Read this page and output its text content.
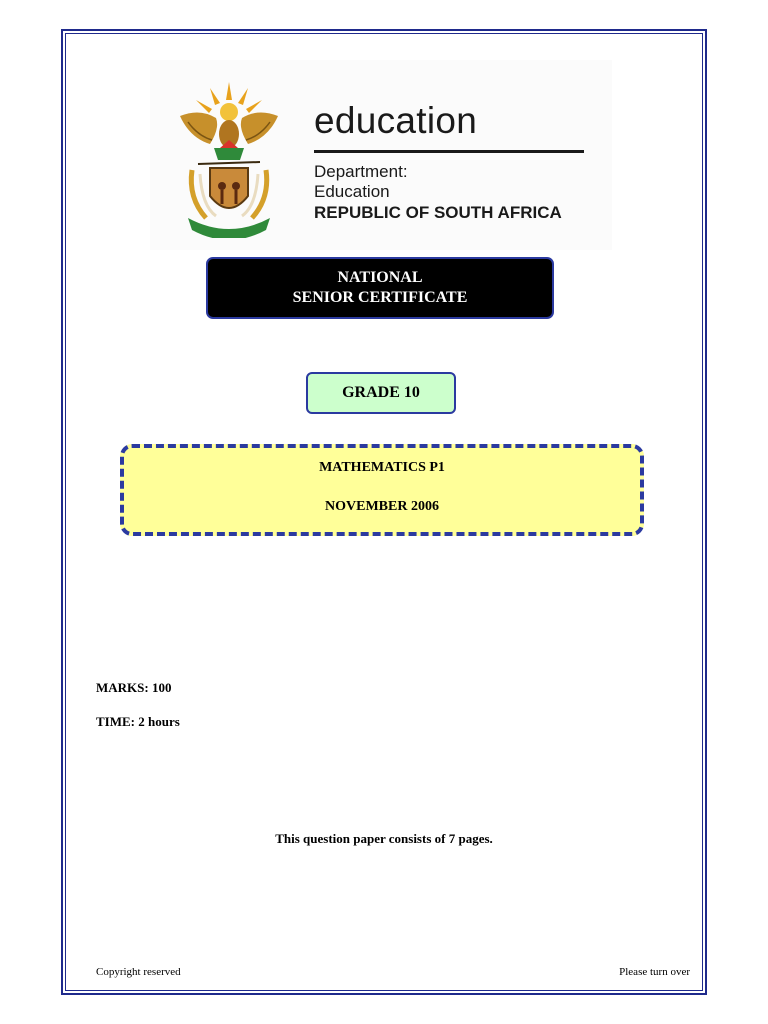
education
Department:
Education
REPUBLIC OF SOUTH AFRICA
NATIONAL
SENIOR CERTIFICATE
GRADE 10
MATHEMATICS P1
NOVEMBER 2006
MARKS: 100
TIME: 2 hours
This question paper consists of 7 pages.
Copyright reserved	Please turn over
